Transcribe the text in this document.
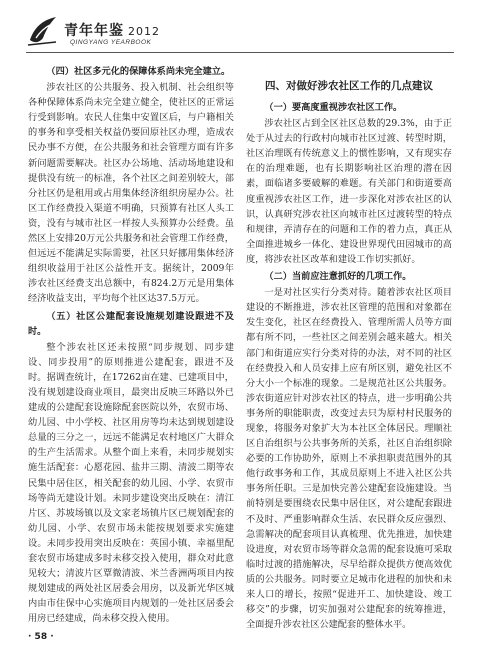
青年年鉴 2012
QINGYANG YEARBOOK
（四）社区多元化的保障体系尚未完全建立。

涉农社区的公共服务、投入机制、社会组织等各种保障体系尚未完全建立健全，使社区的正常运行受到影响。农民人住集中安置区后，与户籍相关的事务和享受相关权益仍要回原社区办理，造成农民办事不方便，在公共服务和社会管理方面有许多新问题需要解决。社区办公场地、活动场地建设和提供没有统一的标准，各个社区之间差别较大，部分社区仍是租用或占用集体经济组织房屋办公。社区工作经费投入渠道不明确，只预算有社区人头工资，没有与城市社区一样按人头预算办公经费。虽然区上安排20万元公共服务和社会管理工作经费，但远远不能满足实际需要，社区只好挪用集体经济组织收益用于社区公益性开支。据统计，2009年涉农社区经费支出总额中，有824.2万元是用集体经济收益支出，平均每个社区达37.5万元。

（五）社区公建配套设施规划建设跟进不及时。

整个涉农社区还未按照“同步规划、同步建设、同步投用”的原则推进公建配套，跟进不及时。据调查统计，在17262亩在建、已建项目中，没有规划建设商业项目，最突出反映三环路以外已建成的公建配套设施除配套医院以外，农贸市场、幼儿园、中小学校、社区用房等均未达到规划建设总量的三分之一，远远不能满足农村地区广大群众的生产生活需求。从整个面上来看，未同步规划实施生活配套：心愿花园、盐井三期、清波二期等农民集中居住区，相关配套的幼儿园、小学、农贸市场等尚无建设计划。未同步建设突出反映在：清江片区、苏坡场镇以及文家老场镇片区已规划配套的幼儿园、小学、农贸市场未能按规划要求实施建设。未同步投用突出反映在：英国小镇、幸福里配套农贸市场建成多时未移交投入使用，群众对此意见较大；清波片区覃微清波、米兰香洲两项目内按规划建成的两处社区居委会用房，以及新光华区城内由市住保中心实施项目内规划的一处社区居委会用房已经建成，尚未移交投入使用。

四、对做好涉农社区工作的几点建议
（一）要高度重视涉农社区工作。

涉农社区占到全区社区总数的29.3%，由于正处于从过去的行政村向城市社区过渡、转型时期，社区治理既有传统意义上的惯性影响，又有现实存在的治理难题，也有长期影响社区治理的潜在因素，面临诸多要破解的难题。有关部门和街道要高度重视涉农社区工作，进一步深化对涉农社区的认识，认真研究涉农社区向城市社区过渡转型的特点和规律，弄清存在的问题和工作的着力点，真正从全面推进城乡一体化、建设世界现代田园城市的高度，将涉农社区改革和建设工作切实抓好。

（二）当前应注意抓好的几项工作。

一是对社区实行分类对待。随着涉农社区项目建设的不断推进，涉农社区管理的范围和对象都在发生变化，社区在经费投入、管理所需人员等方面都有所不同，一些社区之间差别会越来越大。相关部门和街道应实行分类对待的办法，对不同的社区在经费投入和人员安排上应有所区别，避免社区不分大小一个标准的现象。二是规范社区公共服务。涉农街道应针对涉农社区的特点，进一步明确公共事务所的职能职责，改变过去只为原村村民服务的现象，将服务对象扩大为本社区全体居民。理顺社区自治组织与公共事务所的关系，社区自治组织除必要的工作协助外，原则上不承担职责范围外的其他行政事务和工作，其成员原则上不进入社区公共事务所任职。三是加快完善公建配套设施建设。当前特别是要围绕农民集中居住区，对公建配套跟进不及时、严重影响群众生活、农民群众反应强烈、急需解决的配套项目认真梳理、优先推进，加快建设进度，对农贸市场等群众急需的配套设施可采取临时过渡的措施解决，尽早给群众提供方便高效优质的公共服务。同时要立足城市化进程的加快和未来人口的增长，按照“促进开工、加快建设、竣工移交”的步骤，切实加强对公建配套的统筹推进，全面提升涉农社区公建配套的整体水平。

· 58 ·
